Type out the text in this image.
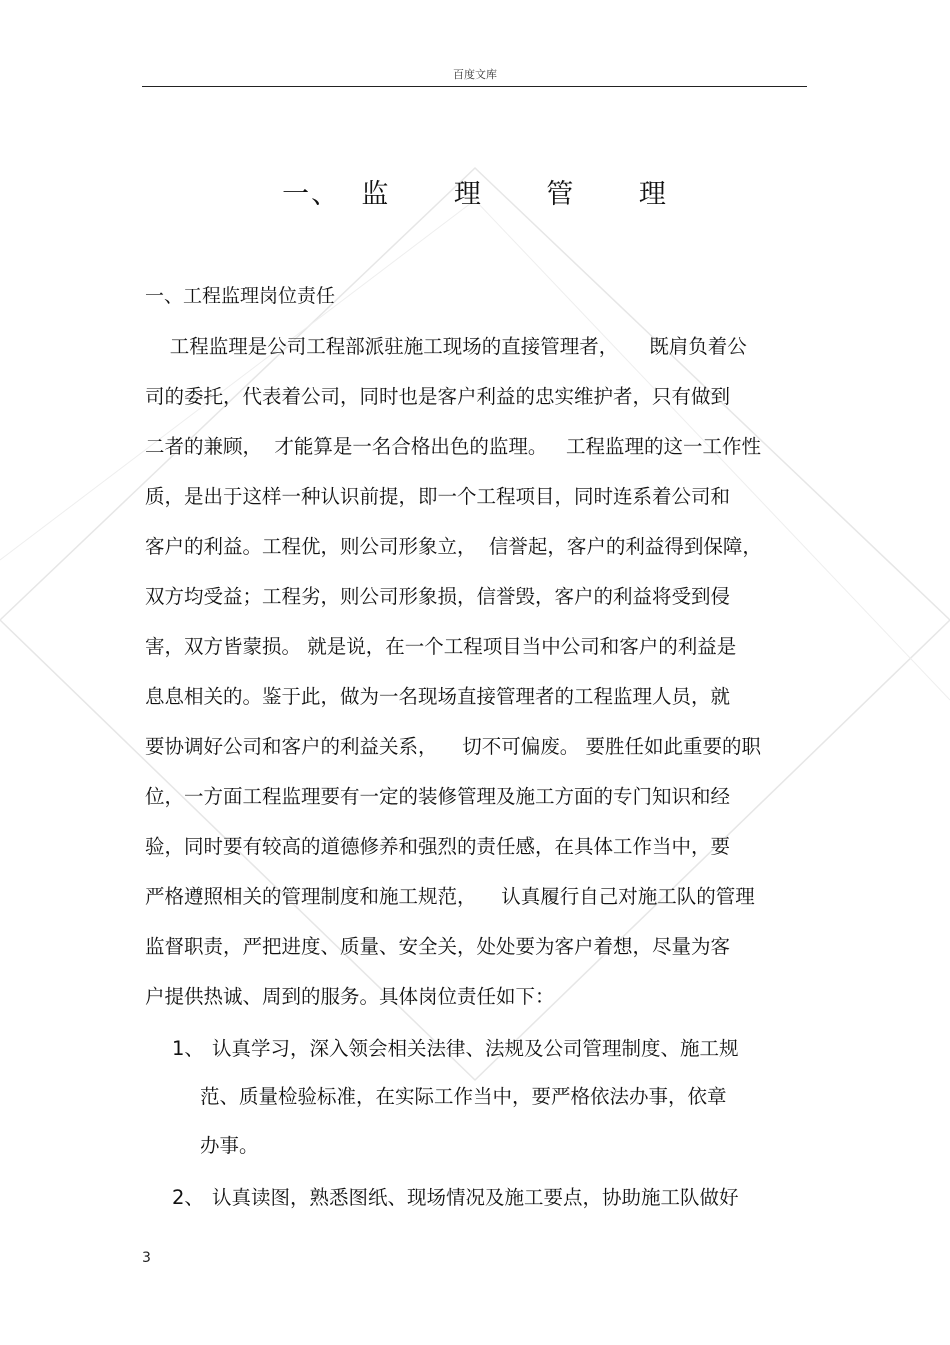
百度文库
一、  监      理      管      理
一、工程监理岗位责任
工程监理是公司工程部派驻施工现场的直接管理者，     既肩负着公
司的委托，代表着公司，同时也是客户利益的忠实维护者，只有做到
二者的兼顾，  才能算是一名合格出色的监理。   工程监理的这一工作性
质，是出于这样一种认识前提，即一个工程项目，同时连系着公司和
客户的利益。工程优，则公司形象立，  信誉起，客户的利益得到保障，
双方均受益；工程劣，则公司形象损，信誉毁，客户的利益将受到侵
害，双方皆蒙损。 就是说，在一个工程项目当中公司和客户的利益是
息息相关的。鉴于此，做为一名现场直接管理者的工程监理人员，就
要协调好公司和客户的利益关系，    切不可偏废。 要胜任如此重要的职
位，一方面工程监理要有一定的装修管理及施工方面的专门知识和经
验，同时要有较高的道德修养和强烈的责任感，在具体工作当中，要
严格遵照相关的管理制度和施工规范，    认真履行自己对施工队的管理
监督职责，严把进度、质量、安全关，处处要为客户着想，尽量为客
户提供热诚、周到的服务。具体岗位责任如下：
1、 认真学习，深入领会相关法律、法规及公司管理制度、施工规
范、质量检验标准，在实际工作当中，要严格依法办事，依章
办事。
2、 认真读图，熟悉图纸、现场情况及施工要点，协助施工队做好
3
